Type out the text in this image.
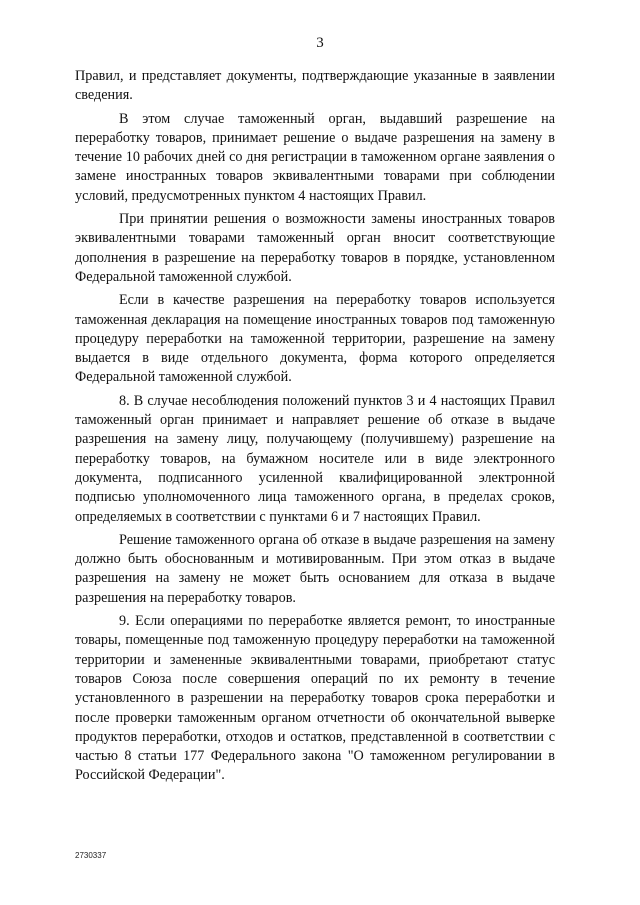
3

Правил, и представляет документы, подтверждающие указанные в заявлении сведения.

В этом случае таможенный орган, выдавший разрешение на переработку товаров, принимает решение о выдаче разрешения на замену в течение 10 рабочих дней со дня регистрации в таможенном органе заявления о замене иностранных товаров эквивалентными товарами при соблюдении условий, предусмотренных пунктом 4 настоящих Правил.

При принятии решения о возможности замены иностранных товаров эквивалентными товарами таможенный орган вносит соответствующие дополнения в разрешение на переработку товаров в порядке, установленном Федеральной таможенной службой.

Если в качестве разрешения на переработку товаров используется таможенная декларация на помещение иностранных товаров под таможенную процедуру переработки на таможенной территории, разрешение на замену выдается в виде отдельного документа, форма которого определяется Федеральной таможенной службой.

8. В случае несоблюдения положений пунктов 3 и 4 настоящих Правил таможенный орган принимает и направляет решение об отказе в выдаче разрешения на замену лицу, получающему (получившему) разрешение на переработку товаров, на бумажном носителе или в виде электронного документа, подписанного усиленной квалифицированной электронной подписью уполномоченного лица таможенного органа, в пределах сроков, определяемых в соответствии с пунктами 6 и 7 настоящих Правил.

Решение таможенного органа об отказе в выдаче разрешения на замену должно быть обоснованным и мотивированным. При этом отказ в выдаче разрешения на замену не может быть основанием для отказа в выдаче разрешения на переработку товаров.

9. Если операциями по переработке является ремонт, то иностранные товары, помещенные под таможенную процедуру переработки на таможенной территории и замененные эквивалентными товарами, приобретают статус товаров Союза после совершения операций по их ремонту в течение установленного в разрешении на переработку товаров срока переработки и после проверки таможенным органом отчетности об окончательной выверке продуктов переработки, отходов и остатков, представленной в соответствии с частью 8 статьи 177 Федерального закона "О таможенном регулировании в Российской Федерации".

2730337
